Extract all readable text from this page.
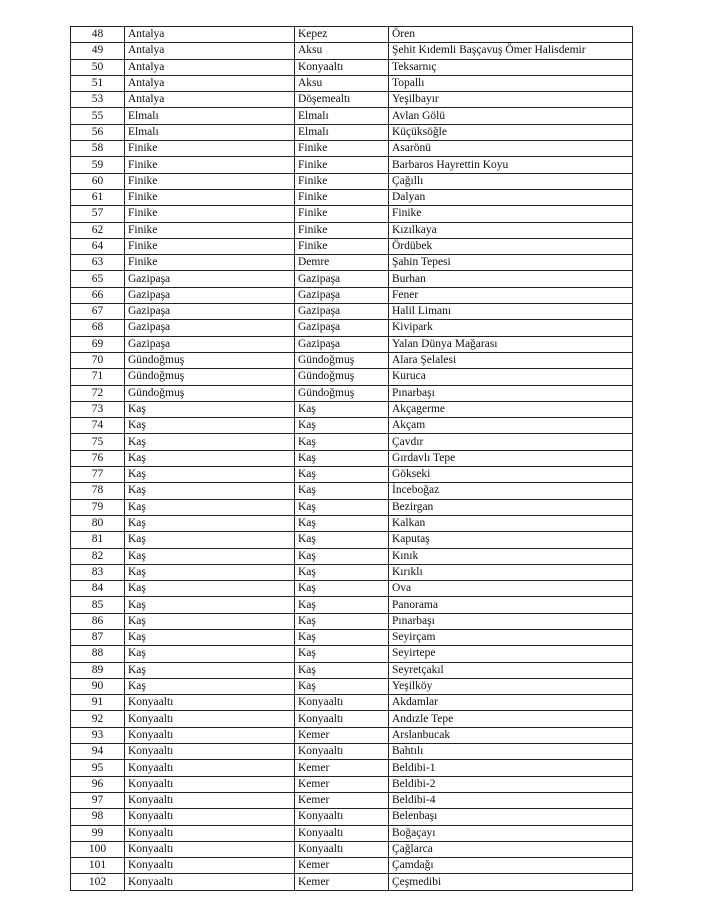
48	Antalya	Kepez	Ören
49	Antalya	Aksu	Şehit Kıdemli Başçavuş Ömer Halisdemir
50	Antalya	Konyaaltı	Teksarnıç
51	Antalya	Aksu	Topallı
53	Antalya	Döşemealtı	Yeşilbayır
55	Elmalı	Elmalı	Avlan Gölü
56	Elmalı	Elmalı	Küçüksöğle
58	Finike	Finike	Asarönü
59	Finike	Finike	Barbaros Hayrettin Koyu
60	Finike	Finike	Çağıllı
61	Finike	Finike	Dalyan
57	Finike	Finike	Finike
62	Finike	Finike	Kızılkaya
64	Finike	Finike	Ördübek
63	Finike	Demre	Şahin Tepesi
65	Gazipaşa	Gazipaşa	Burhan
66	Gazipaşa	Gazipaşa	Fener
67	Gazipaşa	Gazipaşa	Halil Limanı
68	Gazipaşa	Gazipaşa	Kivipark
69	Gazipaşa	Gazipaşa	Yalan Dünya Mağarası
70	Gündoğmuş	Gündoğmuş	Alara Şelalesi
71	Gündoğmuş	Gündoğmuş	Kuruca
72	Gündoğmuş	Gündoğmuş	Pınarbaşı
73	Kaş	Kaş	Akçagerme
74	Kaş	Kaş	Akçam
75	Kaş	Kaş	Çavdır
76	Kaş	Kaş	Gırdavlı Tepe
77	Kaş	Kaş	Gökseki
78	Kaş	Kaş	İnceboğaz
79	Kaş	Kaş	Bezirgan
80	Kaş	Kaş	Kalkan
81	Kaş	Kaş	Kaputaş
82	Kaş	Kaş	Kınık
83	Kaş	Kaş	Kırıklı
84	Kaş	Kaş	Ova
85	Kaş	Kaş	Panorama
86	Kaş	Kaş	Pınarbaşı
87	Kaş	Kaş	Seyirçam
88	Kaş	Kaş	Seyirtepe
89	Kaş	Kaş	Seyretçakıl
90	Kaş	Kaş	Yeşilköy
91	Konyaaltı	Konyaaltı	Akdamlar
92	Konyaaltı	Konyaaltı	Andızle Tepe
93	Konyaaltı	Kemer	Arslanbucak
94	Konyaaltı	Konyaaltı	Bahtılı
95	Konyaaltı	Kemer	Beldibi-1
96	Konyaaltı	Kemer	Beldibi-2
97	Konyaaltı	Kemer	Beldibi-4
98	Konyaaltı	Konyaaltı	Belenbaşı
99	Konyaaltı	Konyaaltı	Boğaçayı
100	Konyaaltı	Konyaaltı	Çağlarca
101	Konyaaltı	Kemer	Çamdağı
102	Konyaaltı	Kemer	Çeşmedibi
